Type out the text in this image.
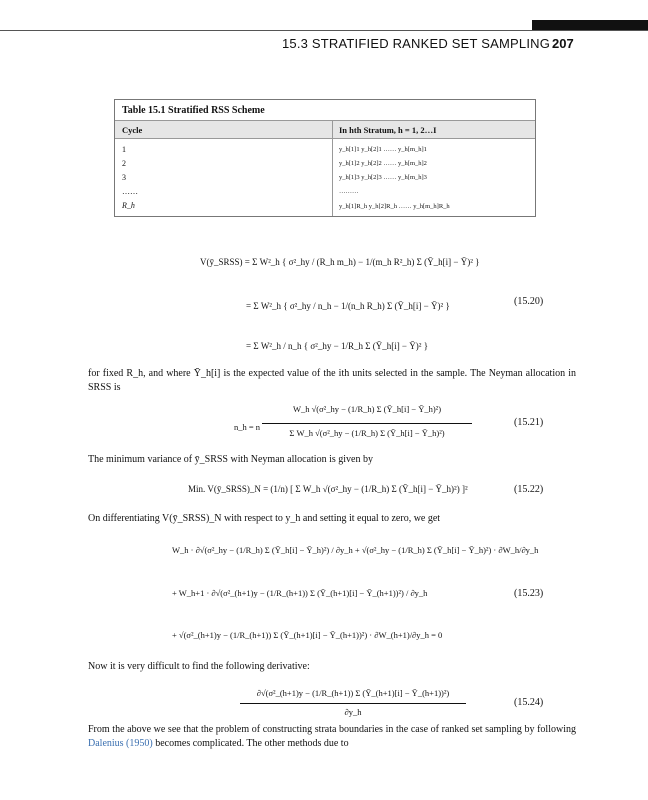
15.3 STRATIFIED RANKED SET SAMPLING 207
Table 15.1 Stratified RSS Scheme
Cycle	In hth Stratum, h = 1, 2…I
1	y_h[1]1 y_h[2]1 …… y_h[m_h]1
2	y_h[1]2 y_h[2]2 …… y_h[m_h]2
3	y_h[1]3 y_h[2]3 …… y_h[m_h]3
……	………
R_h	y_h[1]R_h y_h[2]R_h …… y_h[m_h]R_h
V(ȳ_SRSS) = Σ W²_h { σ²_hy / (R_h m_h) − 1/(m_h R²_h) Σ (Ȳ_h[i] − Ȳ)² }
= Σ W²_h { σ²_hy / n_h − 1/(n_h R_h) Σ (Ȳ_h[i] − Ȳ)² }
= Σ W²_h / n_h { σ²_hy − 1/R_h Σ (Ȳ_h[i] − Ȳ)² }
(15.20)
for fixed R_h, and where Ȳ_h[i] is the expected value of the ith units selected in the sample. The Neyman allocation in SRSS is
n_h = n
W_h √(σ²_hy − (1/R_h) Σ (Ȳ_h[i] − Ȳ_h)²)
Σ W_h √(σ²_hy − (1/R_h) Σ (Ȳ_h[i] − Ȳ_h)²)
(15.21)
The minimum variance of ȳ_SRSS with Neyman allocation is given by
Min. V(ȳ_SRSS)_N = (1/n) [ Σ W_h √(σ²_hy − (1/R_h) Σ (Ȳ_h[i] − Ȳ_h)²) ]²	(15.22)
On differentiating V(ȳ_SRSS)_N with respect to y_h and setting it equal to zero, we get
W_h · ∂√(σ²_hy − (1/R_h) Σ (Ȳ_h[i] − Ȳ_h)²) / ∂y_h + √(σ²_hy − (1/R_h) Σ (Ȳ_h[i] − Ȳ_h)²) · ∂W_h/∂y_h
+ W_h+1 · ∂√(σ²_(h+1)y − (1/R_(h+1)) Σ (Ȳ_(h+1)[i] − Ȳ_(h+1))²) / ∂y_h
+ √(σ²_(h+1)y − (1/R_(h+1)) Σ (Ȳ_(h+1)[i] − Ȳ_(h+1))²) · ∂W_(h+1)/∂y_h = 0
(15.23)
Now it is very difficult to find the following derivative:
∂√(σ²_(h+1)y − (1/R_(h+1)) Σ (Ȳ_(h+1)[i] − Ȳ_(h+1))²)
∂y_h
(15.24)
From the above we see that the problem of constructing strata boundaries in the case of ranked set sampling by following Dalenius (1950) becomes complicated. The other methods due to
